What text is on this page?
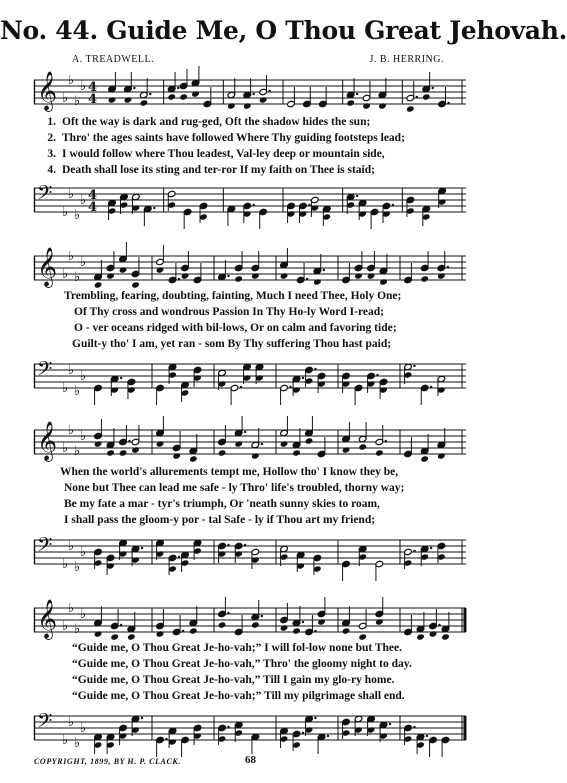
No. 44. Guide Me, O Thou Great Jehovah.
A. TREADWELL.	J. B. HERRING.
𝄞 ♭
♭
♭
♭ 4
4
1. Oft the way is dark and rug-ged, Oft the shadow hides the sun;
2. Thro' the ages saints have followed Where Thy guiding footsteps lead;
3. I would follow where Thou leadest, Val-ley deep or mountain side,
4. Death shall lose its sting and ter-ror If my faith on Thee is staid;
𝄢
♭
♭
♭
♭ 4
4
𝄞 ♭
♭
♭
♭
Trembling, fearing, doubting, fainting, Much I need Thee, Holy One;
Of Thy cross and wondrous Passion In Thy Ho-ly Word I-read;
O - ver oceans ridged with bil-lows, Or on calm and favoring tide;
Guilt-y tho' I am, yet ran - som By Thy suffering Thou hast paid;
𝄢
♭
♭
♭
♭
𝄞 ♭
♭
♭
♭
When the world's allurements tempt me, Hollow tho' I know they be,
None but Thee can lead me safe - ly Thro' life's troubled, thorny way;
Be my fate a mar - tyr's triumph, Or 'neath sunny skies to roam,
I shall pass the gloom-y por - tal Safe - ly if Thou art my friend;
𝄢
♭
♭
♭
♭
𝄞 ♭
♭
♭
♭
“Guide me, O Thou Great Je-ho-vah;” I will fol-low none but Thee.
“Guide me, O Thou Great Je-ho-vah,” Thro' the gloomy night to day.
“Guide me, O Thou Great Je-ho-vah,” Till I gain my glo-ry home.
“Guide me, O Thou Great Je-ho-vah;” Till my pilgrimage shall end.
𝄢
♭
♭
♭
♭
COPYRIGHT, 1899, BY H. P. CLACK.	68
